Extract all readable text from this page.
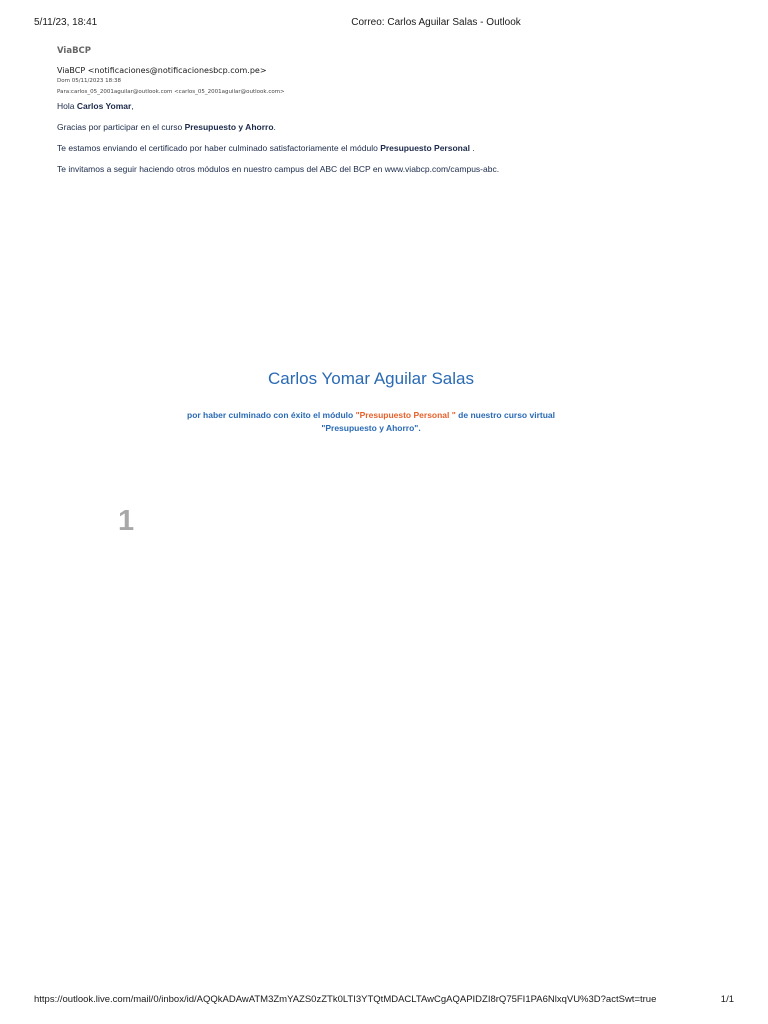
5/11/23, 18:41	Correo: Carlos Aguilar Salas - Outlook

ViaBCP

ViaBCP <notificaciones@notificacionesbcp.com.pe>

Dom 05/11/2023 18:38

Para:carlos_05_2001aguilar@outlook.com <carlos_05_2001aguilar@outlook.com>

Hola Carlos Yomar,

Gracias por participar en el curso Presupuesto y Ahorro.

Te estamos enviando el certificado por haber culminado satisfactoriamente el módulo Presupuesto Personal .

Te invitamos a seguir haciendo otros módulos en nuestro campus del ABC del BCP en www.viabcp.com/campus-abc.

Carlos Yomar Aguilar Salas
por haber culminado con éxito el módulo "Presupuesto Personal " de nuestro curso virtual
"Presupuesto y Ahorro".
1
https://outlook.live.com/mail/0/inbox/id/AQQkADAwATM3ZmYAZS0zZTk0LTI3YTQtMDACLTAwCgAQAPIDZI8rQ75FI1PA6NlxqVU%3D?actSwt=true	1/1
